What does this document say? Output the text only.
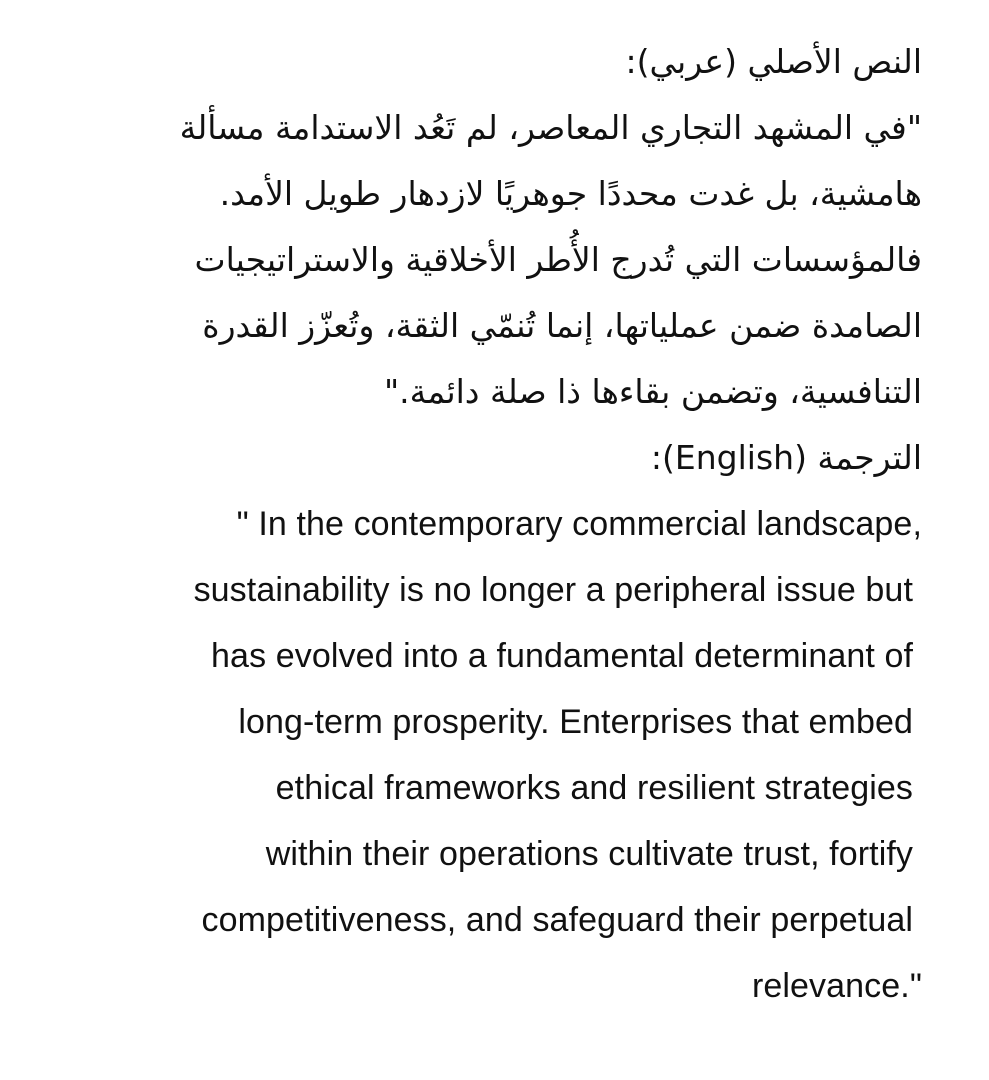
النص الأصلي (عربي):
"في المشهد التجاري المعاصر، لم تَعُد الاستدامة مسألة
هامشية، بل غدت محددًا جوهريًا لازدهار طويل الأمد.
فالمؤسسات التي تُدرج الأُطر الأخلاقية والاستراتيجيات
الصامدة ضمن عملياتها، إنما تُنمّي الثقة، وتُعزّز القدرة
التنافسية، وتضمن بقاءها ذا صلة دائمة."
الترجمة (English):
" In the contemporary commercial landscape,
sustainability is no longer a peripheral issue but
has evolved into a fundamental determinant of
long-term prosperity. Enterprises that embed
ethical frameworks and resilient strategies
within their operations cultivate trust, fortify
competitiveness, and safeguard their perpetual
relevance."
